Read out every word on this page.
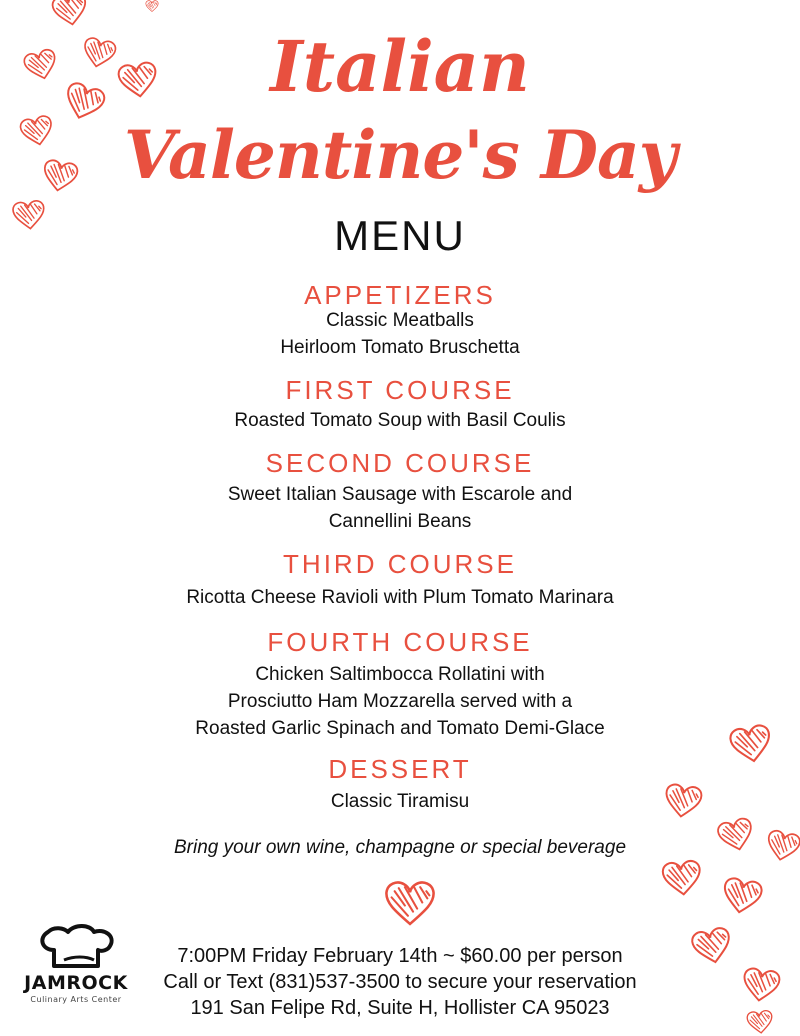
Italian
Valentine's Day
MENU
APPETIZERS
Classic Meatballs
Heirloom Tomato Bruschetta
FIRST COURSE
Roasted Tomato Soup with Basil Coulis
SECOND COURSE
Sweet Italian Sausage with Escarole and
Cannellini Beans
THIRD COURSE
Ricotta Cheese Ravioli with Plum Tomato Marinara
FOURTH COURSE
Chicken Saltimbocca Rollatini with
Prosciutto Ham Mozzarella served with a
Roasted Garlic Spinach and Tomato Demi-Glace
DESSERT
Classic Tiramisu
Bring your own wine, champagne or special beverage
JAMROCK
Culinary Arts Center
7:00PM Friday February 14th ~ $60.00 per person
Call or Text (831)537-3500 to secure your reservation
191 San Felipe Rd, Suite H, Hollister CA 95023
